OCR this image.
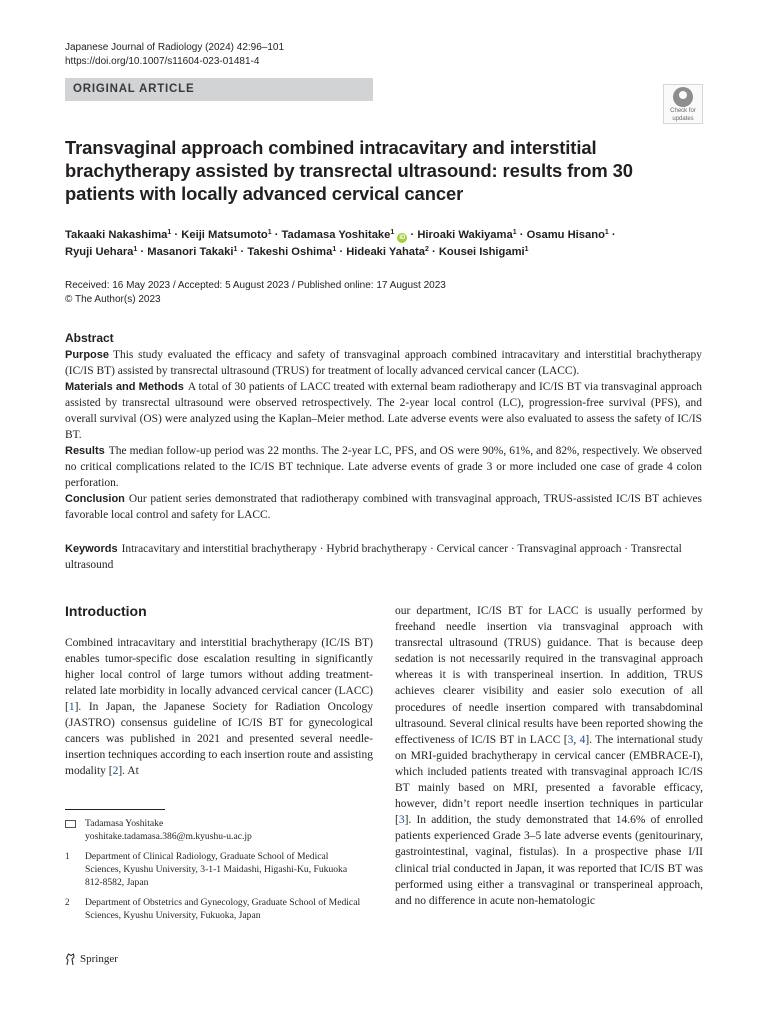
Japanese Journal of Radiology (2024) 42:96–101
https://doi.org/10.1007/s11604-023-01481-4
ORIGINAL ARTICLE
Check for
updates
Transvaginal approach combined intracavitary and interstitial brachytherapy assisted by transrectal ultrasound: results from 30 patients with locally advanced cervical cancer
Takaaki Nakashima$^1$ · Keiji Matsumoto$^1$ · Tadamasa Yoshitake$^1$ iD · Hiroaki Wakiyama$^1$ · Osamu Hisano$^1$ ·
Ryuji Uehara$^1$ · Masanori Takaki$^1$ · Takeshi Oshima$^1$ · Hideaki Yahata$^2$ · Kousei Ishigami$^1$
Received: 16 May 2023 / Accepted: 5 August 2023 / Published online: 17 August 2023
© The Author(s) 2023
Abstract

Purpose This study evaluated the efficacy and safety of transvaginal approach combined intracavitary and interstitial brachytherapy (IC/IS BT) assisted by transrectal ultrasound (TRUS) for treatment of locally advanced cervical cancer (LACC).

Materials and Methods A total of 30 patients of LACC treated with external beam radiotherapy and IC/IS BT via transvaginal approach assisted by transrectal ultrasound were observed retrospectively. The 2-year local control (LC), progression-free survival (PFS), and overall survival (OS) were analyzed using the Kaplan–Meier method. Late adverse events were also evaluated to assess the safety of IC/IS BT.

Results The median follow-up period was 22 months. The 2-year LC, PFS, and OS were 90%, 61%, and 82%, respectively. We observed no critical complications related to the IC/IS BT technique. Late adverse events of grade 3 or more included one case of grade 4 colon perforation.

Conclusion Our patient series demonstrated that radiotherapy combined with transvaginal approach, TRUS-assisted IC/IS BT achieves favorable local control and safety for LACC.

Keywords Intracavitary and interstitial brachytherapy · Hybrid brachytherapy · Cervical cancer · Transvaginal approach · Transrectal ultrasound
Introduction

Combined intracavitary and interstitial brachytherapy (IC/IS BT) enables tumor-specific dose escalation resulting in significantly higher local control of large tumors without adding treatment-related late morbidity in locally advanced cervical cancer (LACC) [1]. In Japan, the Japanese Society for Radiation Oncology (JASTRO) consensus guideline of IC/IS BT for gynecological cancers was published in 2021 and presented several needle-insertion techniques according to each insertion route and assisting modality [2]. At

our department, IC/IS BT for LACC is usually performed by freehand needle insertion via transvaginal approach with transrectal ultrasound (TRUS) guidance. That is because deep sedation is not necessarily required in the transvaginal approach whereas it is with transperineal insertion. In addition, TRUS achieves clearer visibility and easier solo execution of all procedures of needle insertion compared with transabdominal ultrasound. Several clinical results have been reported showing the effectiveness of IC/IS BT in LACC [3, 4]. The international study on MRI-guided brachytherapy in cervical cancer (EMBRACE-I), which included patients treated with transvaginal approach IC/IS BT mainly based on MRI, presented a favorable efficacy, however, didn’t report needle insertion techniques in particular [3]. In addition, the study demonstrated that 14.6% of enrolled patients experienced Grade 3–5 late adverse events (genitourinary, gastrointestinal, vaginal, fistulas). In a prospective phase I/II clinical trial conducted in Japan, it was reported that IC/IS BT was performed using either a transvaginal or transperineal approach, and no difference in acute non-hematologic

Tadamasa Yoshitake
yoshitake.tadamasa.386@m.kyushu-u.ac.jp
1	Department of Clinical Radiology, Graduate School of Medical Sciences, Kyushu University, 3-1-1 Maidashi, Higashi-Ku, Fukuoka 812-8582, Japan
2	Department of Obstetrics and Gynecology, Graduate School of Medical Sciences, Kyushu University, Fukuoka, Japan
Springer
